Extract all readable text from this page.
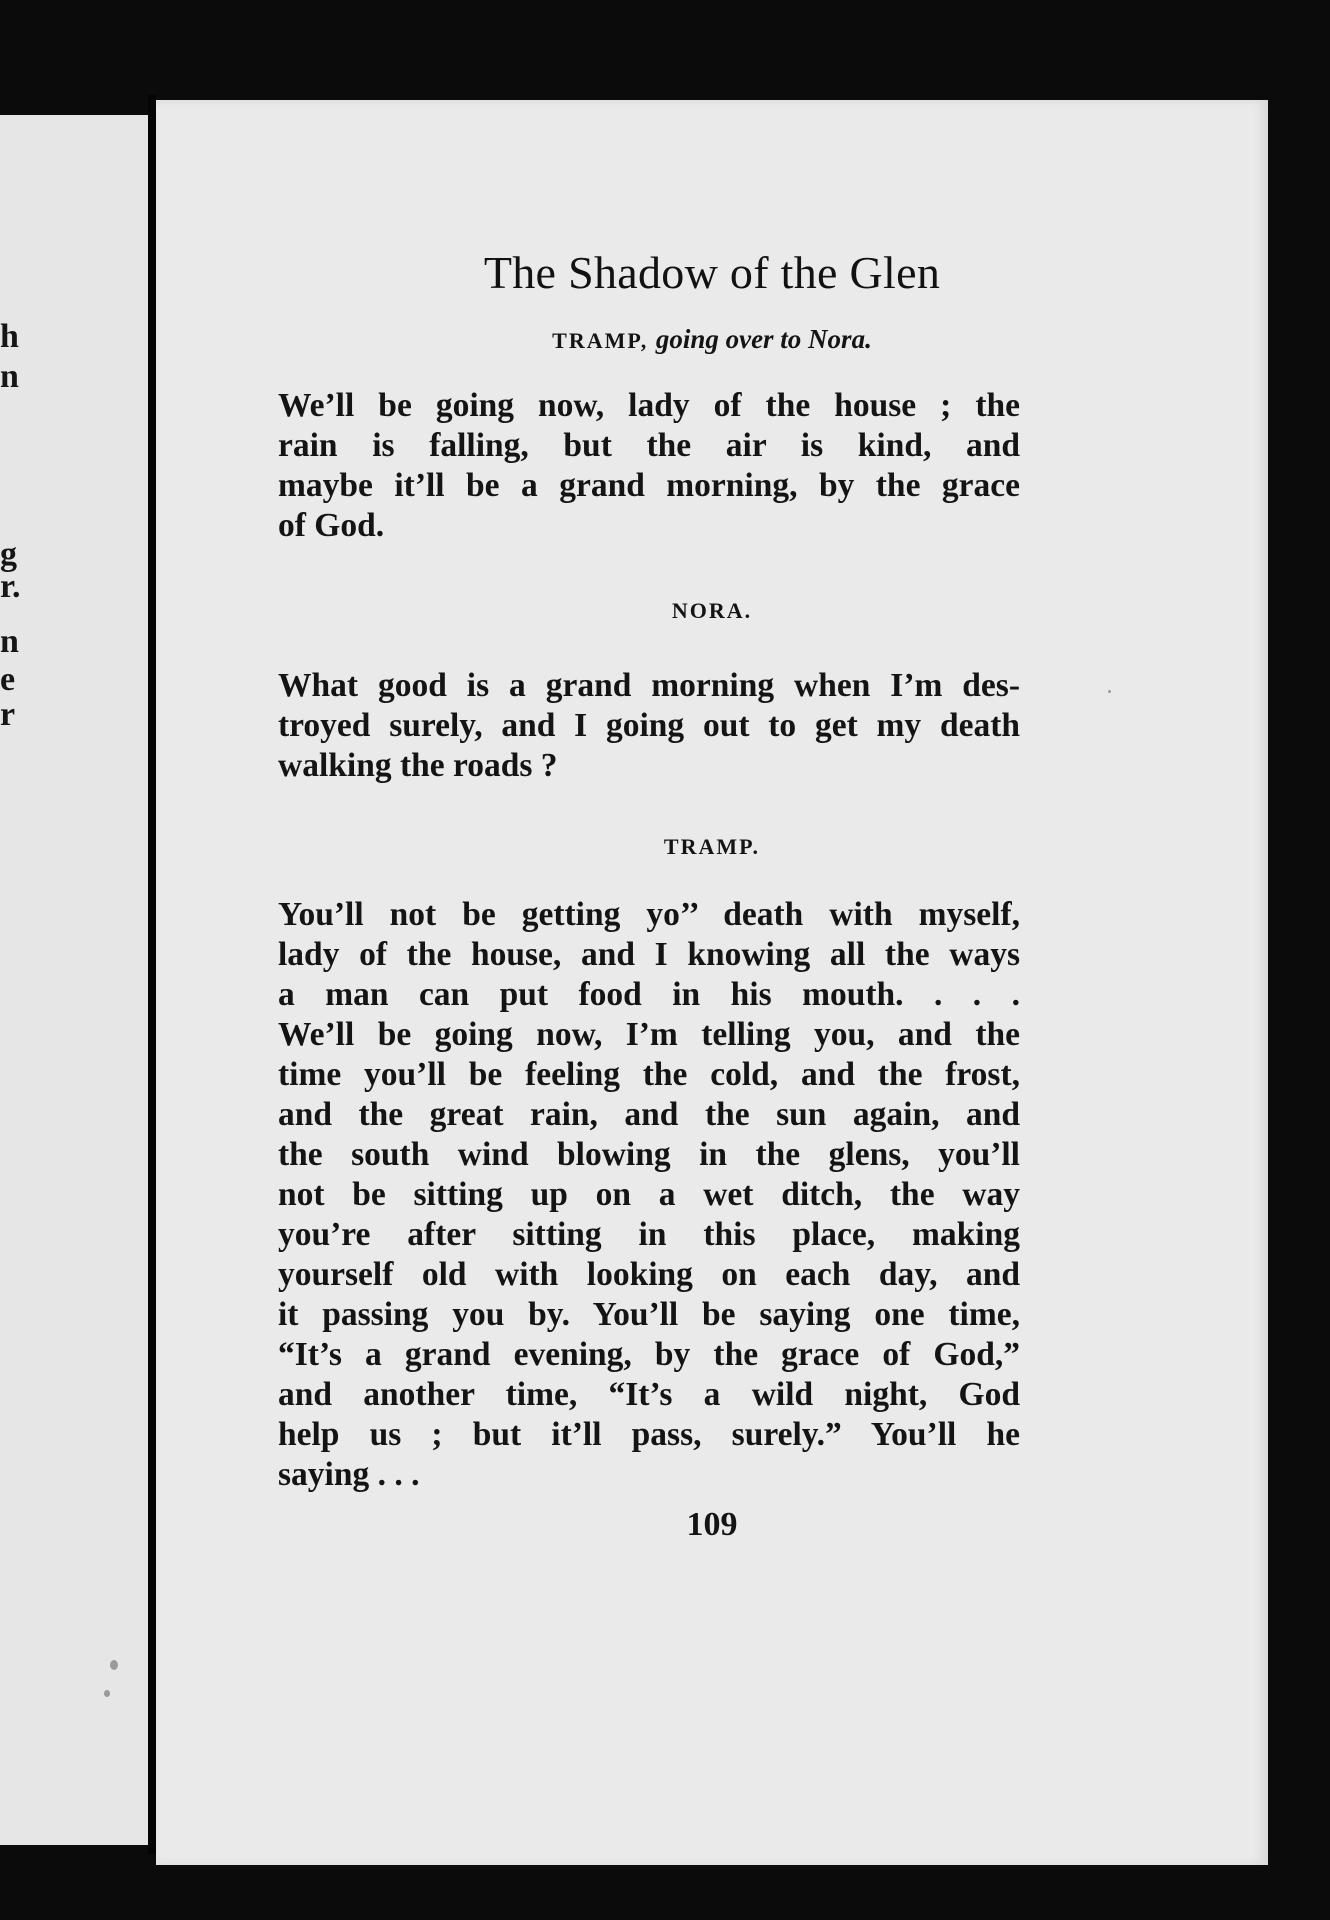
h
n
g
r.
n
e
r
The Shadow of the Glen
TRAMP, going over to Nora.
We’ll be going now, lady of the house ; the
rain is falling, but the air is kind, and
maybe it’ll be a grand morning, by the grace
of God.
NORA.
What good is a grand morning when I’m des-
troyed surely, and I going out to get my death
walking the roads ?
TRAMP.
You’ll not be getting yo’’ death with myself,
lady of the house, and I knowing all the ways
a man can put food in his mouth. . . .
We’ll be going now, I’m telling you, and the
time you’ll be feeling the cold, and the frost,
and the great rain, and the sun again, and
the south wind blowing in the glens, you’ll
not be sitting up on a wet ditch, the way
you’re after sitting in this place, making
yourself old with looking on each day, and
it passing you by. You’ll be saying one time,
“It’s a grand evening, by the grace of God,”
and another time, “It’s a wild night, God
help us ; but it’ll pass, surely.” You’ll he
saying . . .
109
